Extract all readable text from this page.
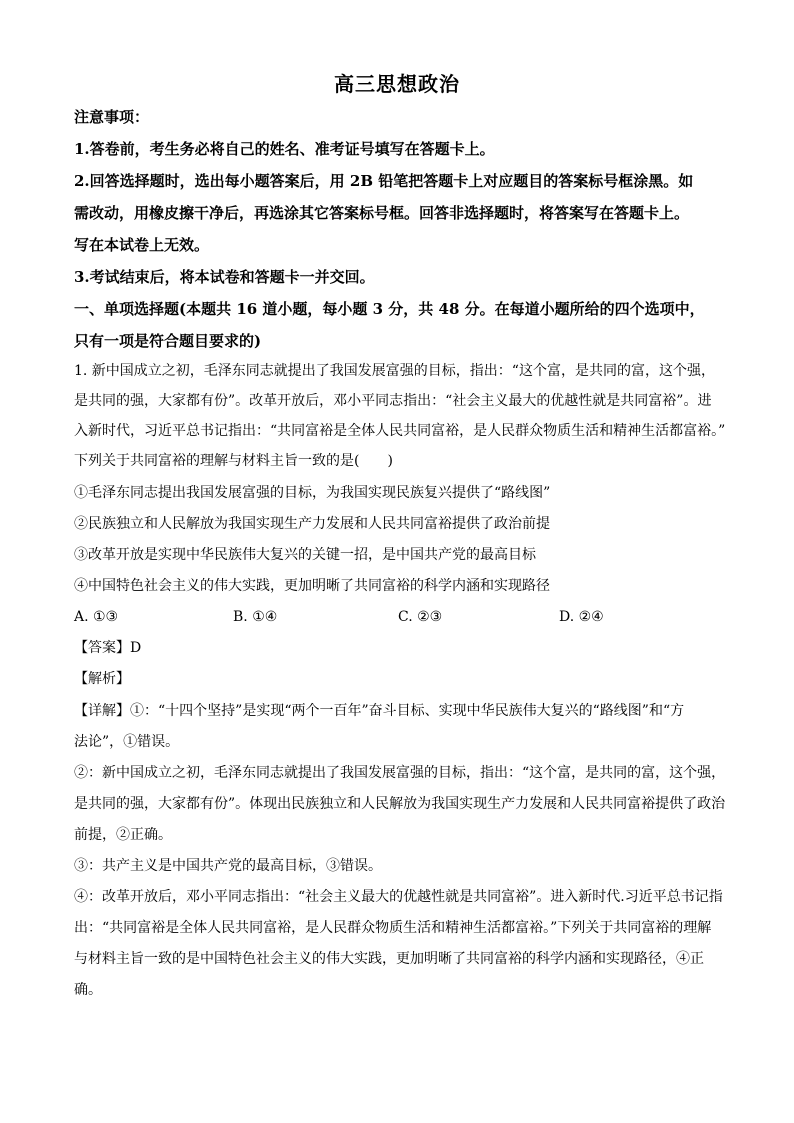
高三思想政治
注意事项：
1.答卷前，考生务必将自己的姓名、准考证号填写在答题卡上。
2.回答选择题时，选出每小题答案后，用 2B 铅笔把答题卡上对应题目的答案标号框涂黑。如
需改动，用橡皮擦干净后，再选涂其它答案标号框。回答非选择题时，将答案写在答题卡上。
写在本试卷上无效。
3.考试结束后，将本试卷和答题卡一并交回。
一、单项选择题(本题共 16 道小题，每小题 3 分，共 48 分。在每道小题所给的四个选项中，
只有一项是符合题目要求的)
1. 新中国成立之初，毛泽东同志就提出了我国发展富强的目标，指出：“这个富，是共同的富，这个强，
是共同的强，大家都有份”。改革开放后，邓小平同志指出：“社会主义最大的优越性就是共同富裕”。进
入新时代，习近平总书记指出：“共同富裕是全体人民共同富裕，是人民群众物质生活和精神生活都富裕。”
下列关于共同富裕的理解与材料主旨一致的是(　　)
①毛泽东同志提出我国发展富强的目标，为我国实现民族复兴提供了“路线图”
②民族独立和人民解放为我国实现生产力发展和人民共同富裕提供了政治前提
③改革开放是实现中华民族伟大复兴的关键一招，是中国共产党的最高目标
④中国特色社会主义的伟大实践，更加明晰了共同富裕的科学内涵和实现路径
A. ①③	B. ①④	C. ②③	D. ②④
【答案】D
【解析】
【详解】①：“十四个坚持”是实现“两个一百年”奋斗目标、实现中华民族伟大复兴的“路线图”和“方
法论”，①错误。
②：新中国成立之初，毛泽东同志就提出了我国发展富强的目标，指出：“这个富，是共同的富，这个强，
是共同的强，大家都有份”。体现出民族独立和人民解放为我国实现生产力发展和人民共同富裕提供了政治
前提，②正确。
③：共产主义是中国共产党的最高目标，③错误。
④：改革开放后，邓小平同志指出：“社会主义最大的优越性就是共同富裕”。进入新时代.习近平总书记指
出：“共同富裕是全体人民共同富裕，是人民群众物质生活和精神生活都富裕。”下列关于共同富裕的理解
与材料主旨一致的是中国特色社会主义的伟大实践，更加明晰了共同富裕的科学内涵和实现路径，④正
确。
